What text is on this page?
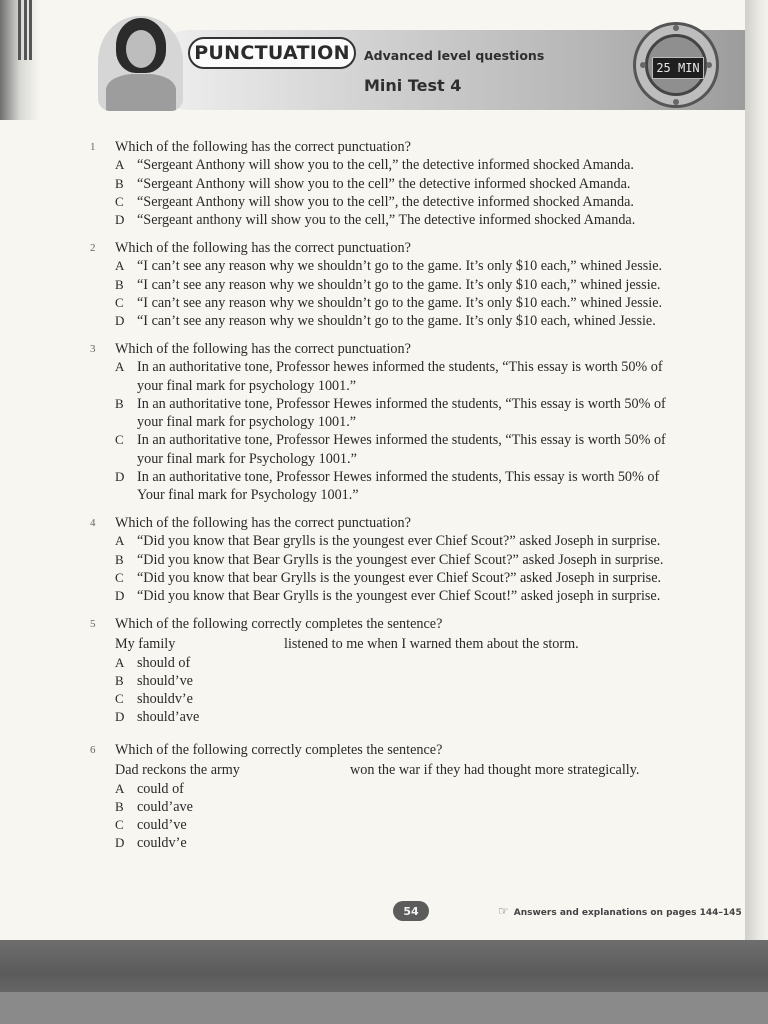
PUNCTUATION	Advanced level questions
Mini Test 4
25 MIN
1	Which of the following has the correct punctuation?
A “Sergeant Anthony will show you to the cell,” the detective informed shocked Amanda.
B “Sergeant Anthony will show you to the cell” the detective informed shocked Amanda.
C “Sergeant Anthony will show you to the cell”, the detective informed shocked Amanda.
D “Sergeant anthony will show you to the cell,” The detective informed shocked Amanda.
2	Which of the following has the correct punctuation?
A “I can’t see any reason why we shouldn’t go to the game. It’s only $10 each,” whined Jessie.
B “I can’t see any reason why we shouldn’t go to the game. It’s only $10 each,” whined jessie.
C “I can’t see any reason why we shouldn’t go to the game. It’s only $10 each.” whined Jessie.
D “I can’t see any reason why we shouldn’t go to the game. It’s only $10 each, whined Jessie.
3	Which of the following has the correct punctuation?
A In an authoritative tone, Professor hewes informed the students, “This essay is worth 50% of
your final mark for psychology 1001.”
B In an authoritative tone, Professor Hewes informed the students, “This essay is worth 50% of
your final mark for psychology 1001.”
C In an authoritative tone, Professor Hewes informed the students, “This essay is worth 50% of
your final mark for Psychology 1001.”
D In an authoritative tone, Professor Hewes informed the students, This essay is worth 50% of
Your final mark for Psychology 1001.”
4	Which of the following has the correct punctuation?
A “Did you know that Bear grylls is the youngest ever Chief Scout?” asked Joseph in surprise.
B “Did you know that Bear Grylls is the youngest ever Chief Scout?” asked Joseph in surprise.
C “Did you know that bear Grylls is the youngest ever Chief Scout?” asked Joseph in surprise.
D “Did you know that Bear Grylls is the youngest ever Chief Scout!” asked joseph in surprise.
5	Which of the following correctly completes the sentence?
My family	listened to me when I warned them about the storm.
A should of
B should’ve
C shouldv’e
D should’ave
6	Which of the following correctly completes the sentence?
Dad reckons the army	won the war if they had thought more strategically.
A could of
B could’ave
C could’ve
D couldv’e
54	☞ Answers and explanations on pages 144–145
